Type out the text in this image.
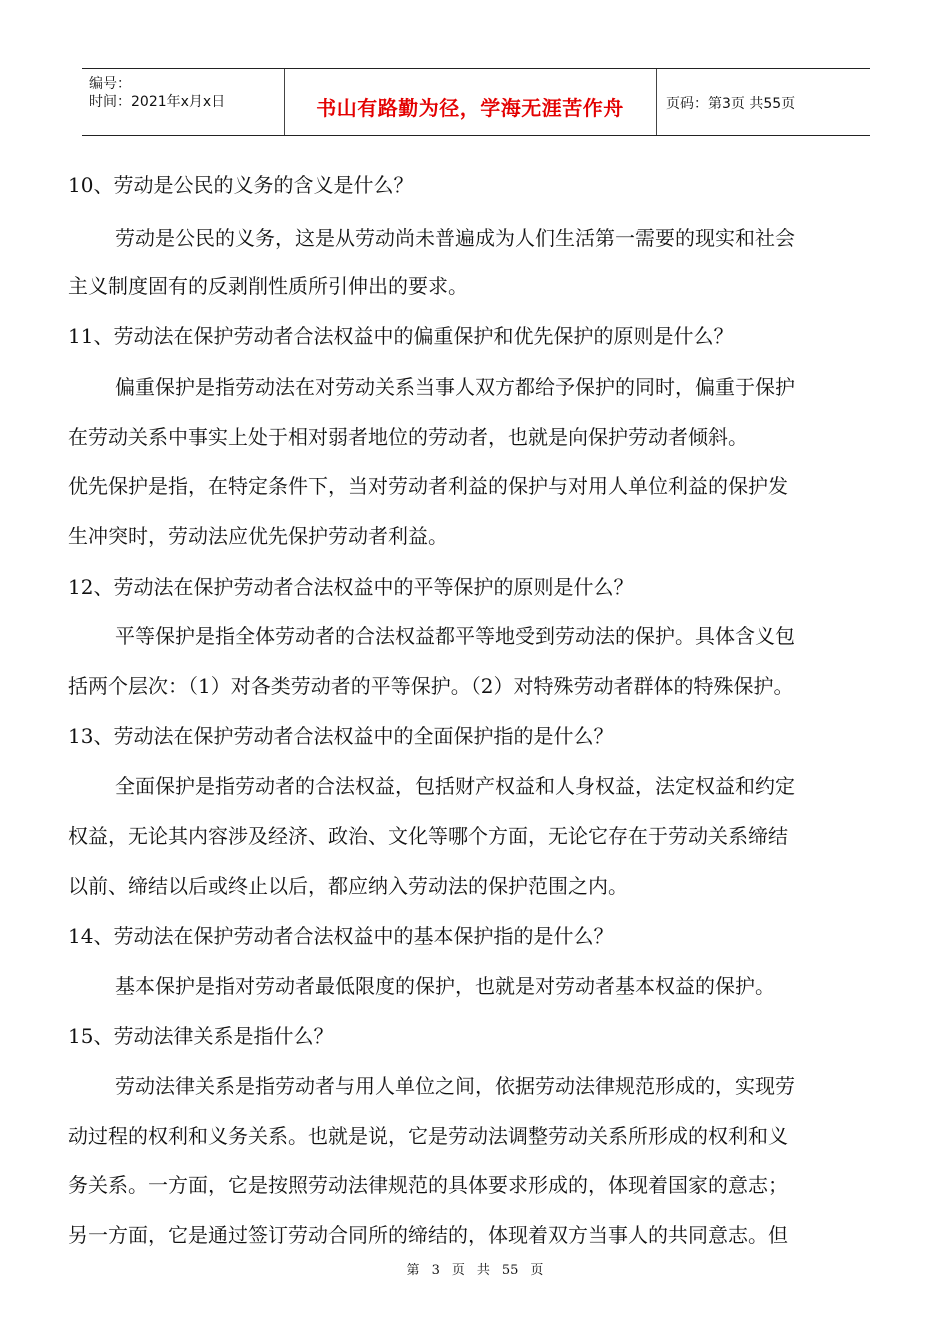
编号：
时间：2021年x月x日	书山有路勤为径，学海无涯苦作舟	页码：第3页 共55页
10、劳动是公民的义务的含义是什么？
劳动是公民的义务，这是从劳动尚未普遍成为人们生活第一需要的现实和社会
主义制度固有的反剥削性质所引伸出的要求。
11、劳动法在保护劳动者合法权益中的偏重保护和优先保护的原则是什么？
偏重保护是指劳动法在对劳动关系当事人双方都给予保护的同时，偏重于保护
在劳动关系中事实上处于相对弱者地位的劳动者，也就是向保护劳动者倾斜。
优先保护是指，在特定条件下，当对劳动者利益的保护与对用人单位利益的保护发
生冲突时，劳动法应优先保护劳动者利益。
12、劳动法在保护劳动者合法权益中的平等保护的原则是什么？
平等保护是指全体劳动者的合法权益都平等地受到劳动法的保护。具体含义包
括两个层次：（1）对各类劳动者的平等保护。（2）对特殊劳动者群体的特殊保护。
13、劳动法在保护劳动者合法权益中的全面保护指的是什么？
全面保护是指劳动者的合法权益，包括财产权益和人身权益，法定权益和约定
权益，无论其内容涉及经济、政治、文化等哪个方面，无论它存在于劳动关系缔结
以前、缔结以后或终止以后，都应纳入劳动法的保护范围之内。
14、劳动法在保护劳动者合法权益中的基本保护指的是什么？
基本保护是指对劳动者最低限度的保护，也就是对劳动者基本权益的保护。
15、劳动法律关系是指什么？
劳动法律关系是指劳动者与用人单位之间，依据劳动法律规范形成的，实现劳
动过程的权利和义务关系。也就是说，它是劳动法调整劳动关系所形成的权利和义
务关系。一方面，它是按照劳动法律规范的具体要求形成的，体现着国家的意志；
另一方面，它是通过签订劳动合同所的缔结的，体现着双方当事人的共同意志。但
第 3 页 共 55 页
